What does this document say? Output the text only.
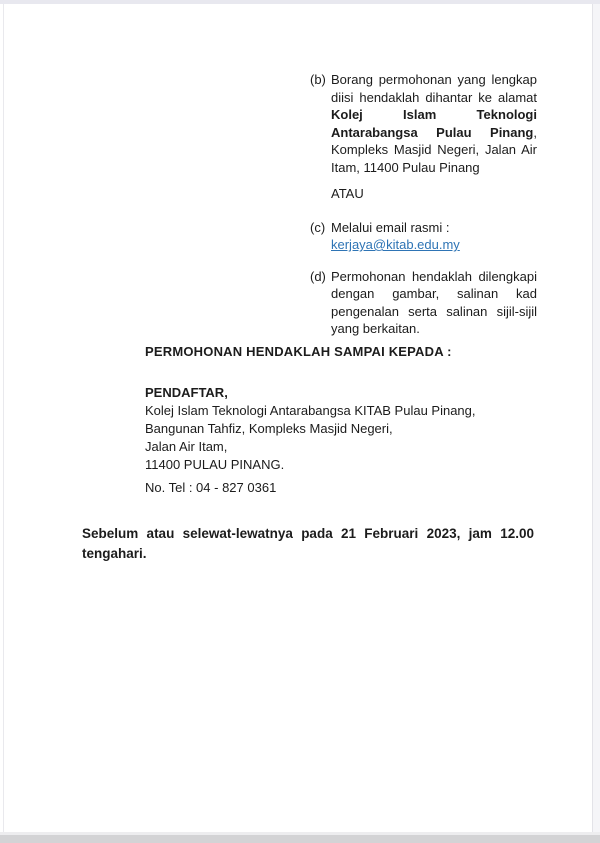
(b) Borang permohonan yang lengkap diisi hendaklah dihantar ke alamat Kolej Islam Teknologi Antarabangsa Pulau Pinang, Kompleks Masjid Negeri, Jalan Air Itam, 11400 Pulau Pinang
ATAU
(c) Melalui email rasmi :
kerjaya@kitab.edu.my
(d) Permohonan hendaklah dilengkapi dengan gambar, salinan kad pengenalan serta salinan sijil-sijil yang berkaitan.
PERMOHONAN HENDAKLAH SAMPAI KEPADA :
PENDAFTAR,
Kolej Islam Teknologi Antarabangsa KITAB Pulau Pinang,
Bangunan Tahfiz, Kompleks Masjid Negeri,
Jalan Air Itam,
11400 PULAU PINANG.
No. Tel : 04 - 827 0361
Sebelum atau selewat-lewatnya pada 21 Februari 2023, jam 12.00 tengahari.
